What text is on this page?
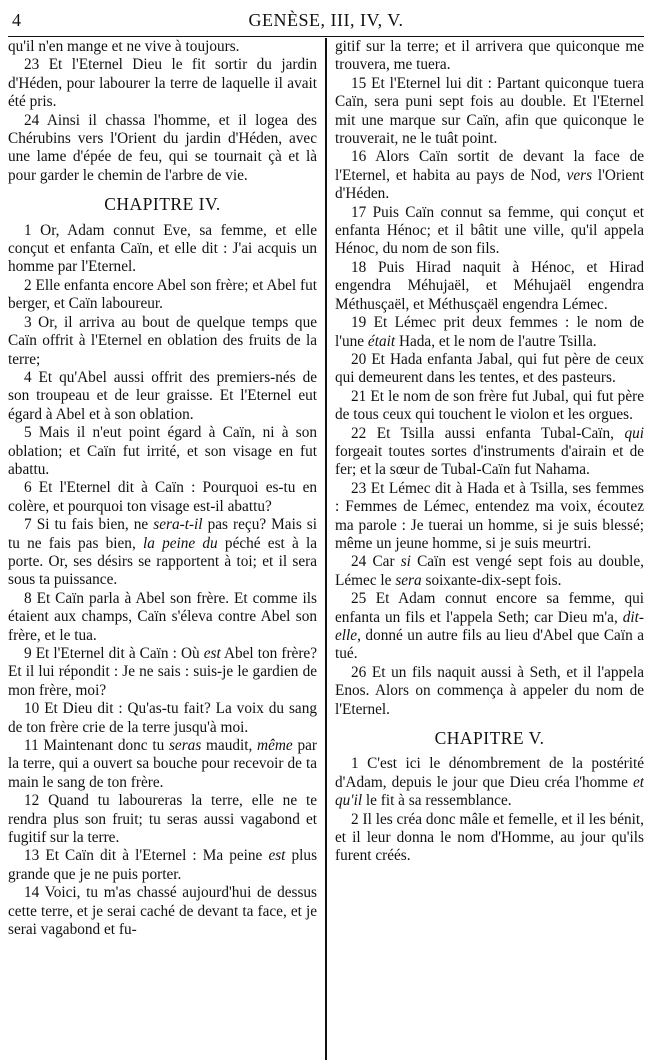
4	GENÈSE, III, IV, V.

qu'il n'en mange et ne vive à toujours.

23 Et l'Eternel Dieu le fit sortir du jardin d'Héden, pour labourer la terre de laquelle il avait été pris.

24 Ainsi il chassa l'homme, et il logea des Chérubins vers l'Orient du jardin d'Héden, avec une lame d'épée de feu, qui se tournait çà et là pour garder le chemin de l'arbre de vie.

CHAPITRE IV.

1 Or, Adam connut Eve, sa femme, et elle conçut et enfanta Caïn, et elle dit : J'ai acquis un homme par l'Eternel.

2 Elle enfanta encore Abel son frère; et Abel fut berger, et Caïn laboureur.

3 Or, il arriva au bout de quelque temps que Caïn offrit à l'Eternel en oblation des fruits de la terre;

4 Et qu'Abel aussi offrit des premiers-nés de son troupeau et de leur graisse. Et l'Eternel eut égard à Abel et à son oblation.

5 Mais il n'eut point égard à Caïn, ni à son oblation; et Caïn fut irrité, et son visage en fut abattu.

6 Et l'Eternel dit à Caïn : Pourquoi es-tu en colère, et pourquoi ton visage est-il abattu?

7 Si tu fais bien, ne sera-t-il pas reçu? Mais si tu ne fais pas bien, la peine du péché est à la porte. Or, ses désirs se rapportent à toi; et il sera sous ta puissance.

8 Et Caïn parla à Abel son frère. Et comme ils étaient aux champs, Caïn s'éleva contre Abel son frère, et le tua.

9 Et l'Eternel dit à Caïn : Où est Abel ton frère? Et il lui répondit : Je ne sais : suis-je le gardien de mon frère, moi?

10 Et Dieu dit : Qu'as-tu fait? La voix du sang de ton frère crie de la terre jusqu'à moi.

11 Maintenant donc tu seras maudit, même par la terre, qui a ouvert sa bouche pour recevoir de ta main le sang de ton frère.

12 Quand tu laboureras la terre, elle ne te rendra plus son fruit; tu seras aussi vagabond et fugitif sur la terre.

13 Et Caïn dit à l'Eternel : Ma peine est plus grande que je ne puis porter.

14 Voici, tu m'as chassé aujourd'hui de dessus cette terre, et je serai caché de devant ta face, et je serai vagabond et fu-

gitif sur la terre; et il arrivera que quiconque me trouvera, me tuera.

15 Et l'Eternel lui dit : Partant quiconque tuera Caïn, sera puni sept fois au double. Et l'Eternel mit une marque sur Caïn, afin que quiconque le trouverait, ne le tuât point.

16 Alors Caïn sortit de devant la face de l'Eternel, et habita au pays de Nod, vers l'Orient d'Héden.

17 Puis Caïn connut sa femme, qui conçut et enfanta Hénoc; et il bâtit une ville, qu'il appela Hénoc, du nom de son fils.

18 Puis Hirad naquit à Hénoc, et Hirad engendra Méhujaël, et Méhujaël engendra Méthusçaël, et Méthusçaël engendra Lémec.

19 Et Lémec prit deux femmes : le nom de l'une était Hada, et le nom de l'autre Tsilla.

20 Et Hada enfanta Jabal, qui fut père de ceux qui demeurent dans les tentes, et des pasteurs.

21 Et le nom de son frère fut Jubal, qui fut père de tous ceux qui touchent le violon et les orgues.

22 Et Tsilla aussi enfanta Tubal-Caïn, qui forgeait toutes sortes d'instruments d'airain et de fer; et la sœur de Tubal-Caïn fut Nahama.

23 Et Lémec dit à Hada et à Tsilla, ses femmes : Femmes de Lémec, entendez ma voix, écoutez ma parole : Je tuerai un homme, si je suis blessé; même un jeune homme, si je suis meurtri.

24 Car si Caïn est vengé sept fois au double, Lémec le sera soixante-dix-sept fois.

25 Et Adam connut encore sa femme, qui enfanta un fils et l'appela Seth; car Dieu m'a, dit-elle, donné un autre fils au lieu d'Abel que Caïn a tué.

26 Et un fils naquit aussi à Seth, et il l'appela Enos. Alors on commença à appeler du nom de l'Eternel.

CHAPITRE V.

1 C'est ici le dénombrement de la postérité d'Adam, depuis le jour que Dieu créa l'homme et qu'il le fit à sa ressemblance.

2 Il les créa donc mâle et femelle, et il les bénit, et il leur donna le nom d'Homme, au jour qu'ils furent créés.
